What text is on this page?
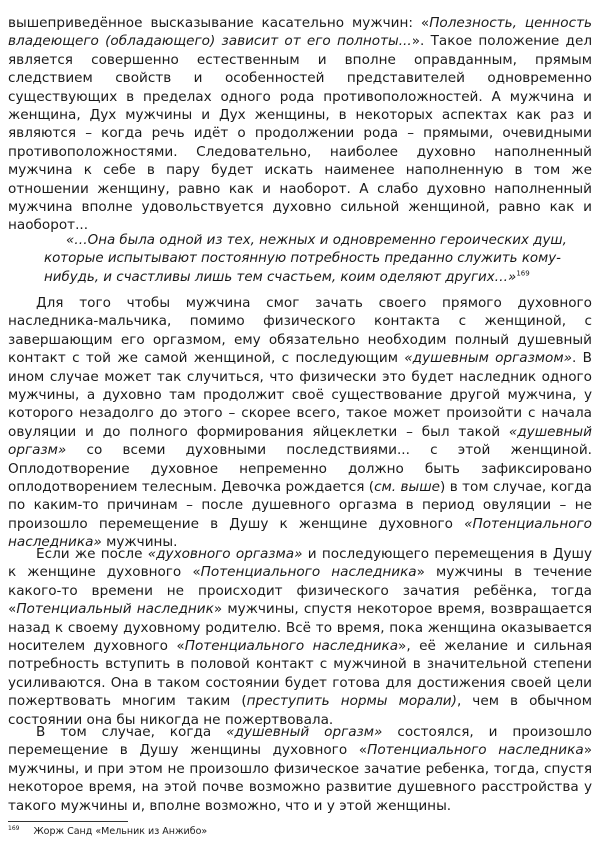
вышеприведённое высказывание касательно мужчин: «Полезность, ценность владеющего (обладающего) зависит от его полноты...». Такое положение дел является совершенно естественным и вполне оправданным, прямым следствием свойств и особенностей представителей одновременно существующих в пределах одного рода противоположностей. А мужчина и женщина, Дух мужчины и Дух женщины, в некоторых аспектах как раз и являются – когда речь идёт о продолжении рода – прямыми, очевидными противоположностями. Следовательно, наиболее духовно наполненный мужчина к себе в пару будет искать наименее наполненную в том же отношении женщину, равно как и наоборот. А слабо духовно наполненный мужчина вполне удовольствуется духовно сильной женщиной, равно как и наоборот...
«…Она была одной из тех, нежных и одновременно героических душ, которые испытывают постоянную потребность преданно служить кому-нибудь, и счастливы лишь тем счастьем, коим оделяют других…»$^{169}$
Для того чтобы мужчина смог зачать своего прямого духовного наследника-мальчика, помимо физического контакта с женщиной, с завершающим его оргазмом, ему обязательно необходим полный душевный контакт с той же самой женщиной, с последующим «душевным оргазмом». В ином случае может так случиться, что физически это будет наследник одного мужчины, а духовно там продолжит своё существование другой мужчина, у которого незадолго до этого – скорее всего, такое может произойти с начала овуляции и до полного формирования яйцеклетки – был такой «душевный оргазм» со всеми духовными последствиями... с этой женщиной. Оплодотворение духовное непременно должно быть зафиксировано оплодотворением телесным. Девочка рождается (см. выше) в том случае, когда по каким-то причинам – после душевного оргазма в период овуляции – не произошло перемещение в Душу к женщине духовного «Потенциального наследника» мужчины.
Если же после «духовного оргазма» и последующего перемещения в Душу к женщине духовного «Потенциального наследника» мужчины в течение какого-то времени не происходит физического зачатия ребёнка, тогда «Потенциальный наследник» мужчины, спустя некоторое время, возвращается назад к своему духовному родителю. Всё то время, пока женщина оказывается носителем духовного «Потенциального наследника», её желание и сильная потребность вступить в половой контакт с мужчиной в значительной степени усиливаются. Она в таком состоянии будет готова для достижения своей цели пожертвовать многим таким (преступить нормы морали), чем в обычном состоянии она бы никогда не пожертвовала.
В том случае, когда «душевный оргазм» состоялся, и произошло перемещение в Душу женщины духовного «Потенциального наследника» мужчины, и при этом не произошло физическое зачатие ребенка, тогда, спустя некоторое время, на этой почве возможно развитие душевного расстройства у такого мужчины и, вполне возможно, что и у этой женщины.
$^{169}$ Жорж Санд «Мельник из Анжибо»
